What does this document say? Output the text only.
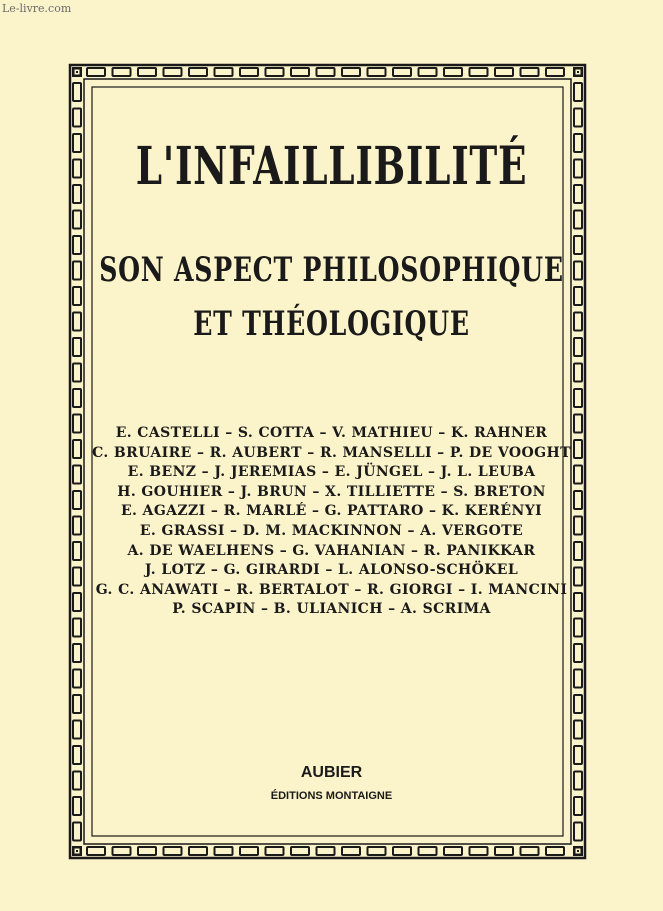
L'INFAILLIBILITÉ
SON ASPECT PHILOSOPHIQUE
ET THÉOLOGIQUE
E. CASTELLI – S. COTTA – V. MATHIEU – K. RAHNER
C. BRUAIRE – R. AUBERT – R. MANSELLI – P. DE VOOGHT
E. BENZ – J. JEREMIAS – E. JÜNGEL – J. L. LEUBA
H. GOUHIER – J. BRUN – X. TILLIETTE – S. BRETON
E. AGAZZI – R. MARLÉ – G. PATTARO – K. KERÉNYI
E. GRASSI – D. M. MACKINNON – A. VERGOTE
A. DE WAELHENS – G. VAHANIAN – R. PANIKKAR
J. LOTZ – G. GIRARDI – L. ALONSO-SCHÖKEL
G. C. ANAWATI – R. BERTALOT – R. GIORGI – I. MANCINI
P. SCAPIN – B. ULIANICH – A. SCRIMA
AUBIER
ÉDITIONS MONTAIGNE
Le-livre.com
